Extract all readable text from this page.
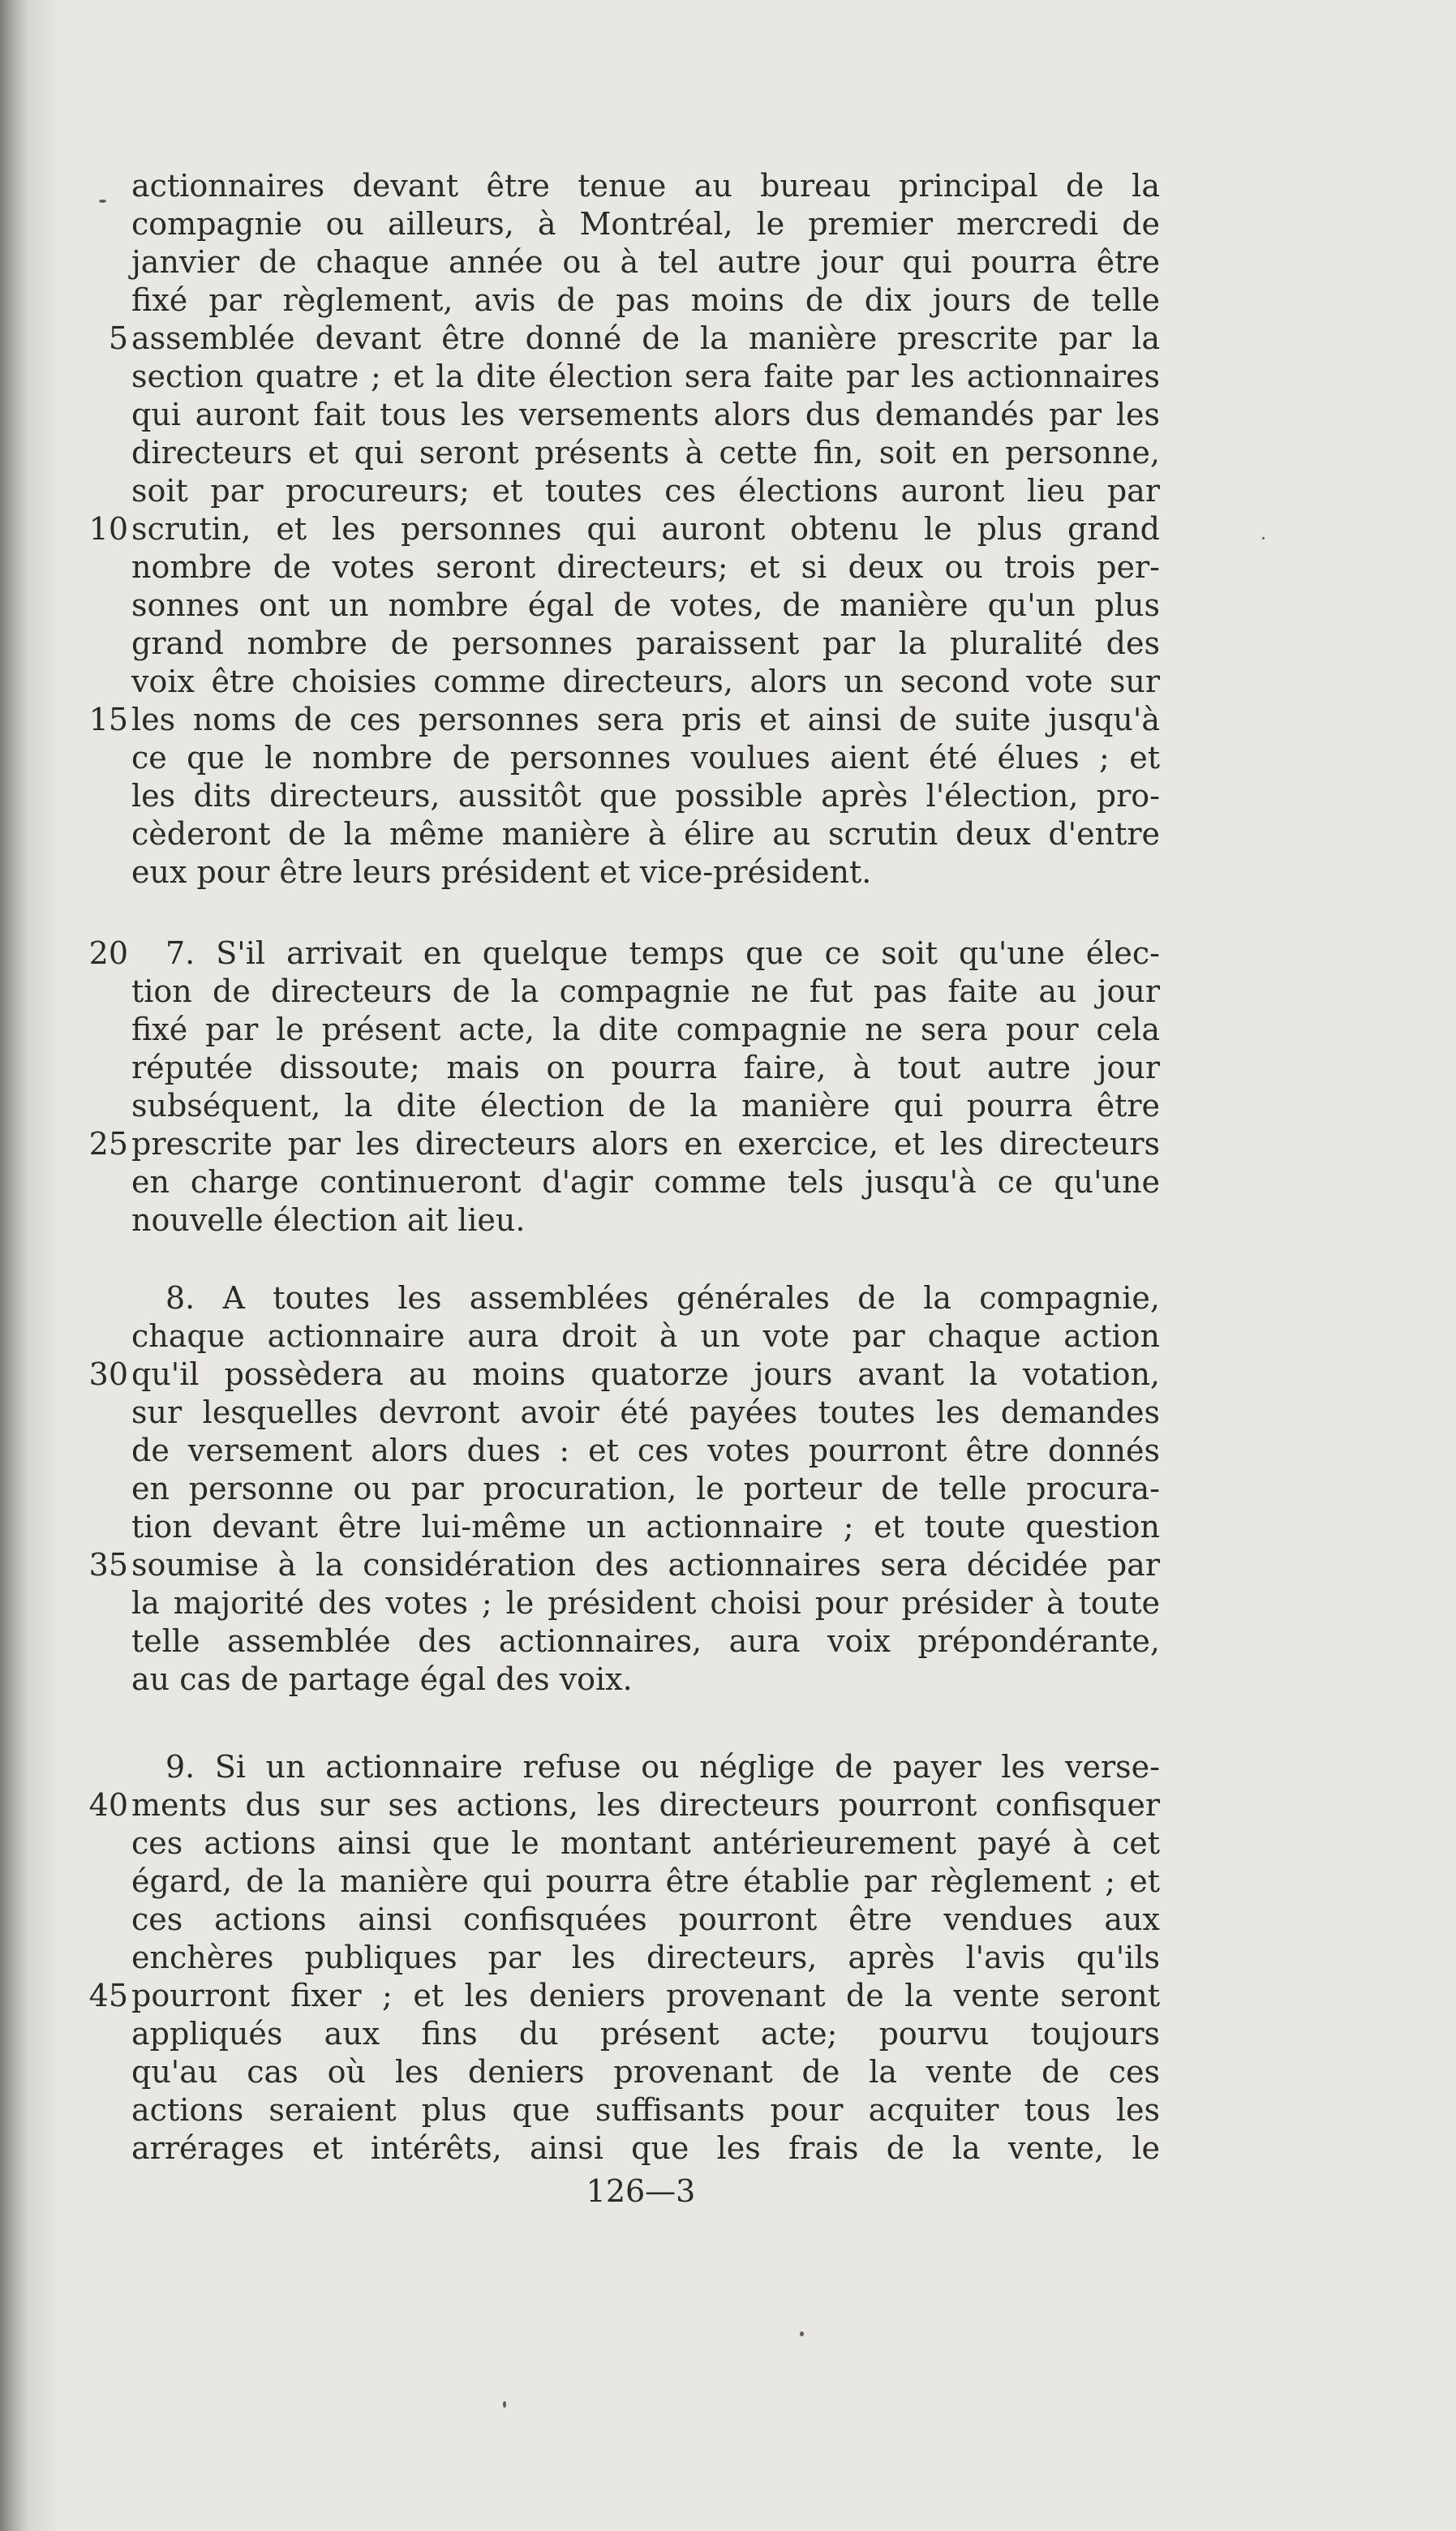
actionnaires devant être tenue au bureau principal de la
compagnie ou ailleurs, à Montréal, le premier mercredi de
janvier de chaque année ou à tel autre jour qui pourra être
fixé par règlement, avis de pas moins de dix jours de telle
assemblée devant être donné de la manière prescrite par la
section quatre ; et la dite élection sera faite par les actionnaires
qui auront fait tous les versements alors dus demandés par les
directeurs et qui seront présents à cette fin, soit en personne,
soit par procureurs; et toutes ces élections auront lieu par
scrutin, et les personnes qui auront obtenu le plus grand
nombre de votes seront directeurs; et si deux ou trois per-
sonnes ont un nombre égal de votes, de manière qu'un plus
grand nombre de personnes paraissent par la pluralité des
voix être choisies comme directeurs, alors un second vote sur
les noms de ces personnes sera pris et ainsi de suite jusqu'à
ce que le nombre de personnes voulues aient été élues ; et
les dits directeurs, aussitôt que possible après l'élection, pro-
cèderont de la même manière à élire au scrutin deux d'entre
eux pour être leurs président et vice-président.
7. S'il arrivait en quelque temps que ce soit qu'une élec-
tion de directeurs de la compagnie ne fut pas faite au jour
fixé par le présent acte, la dite compagnie ne sera pour cela
réputée dissoute; mais on pourra faire, à tout autre jour
subséquent, la dite élection de la manière qui pourra être
prescrite par les directeurs alors en exercice, et les directeurs
en charge continueront d'agir comme tels jusqu'à ce qu'une
nouvelle élection ait lieu.
8. A toutes les assemblées générales de la compagnie,
chaque actionnaire aura droit à un vote par chaque action
qu'il possèdera au moins quatorze jours avant la votation,
sur lesquelles devront avoir été payées toutes les demandes
de versement alors dues : et ces votes pourront être donnés
en personne ou par procuration, le porteur de telle procura-
tion devant être lui-même un actionnaire ; et toute question
soumise à la considération des actionnaires sera décidée par
la majorité des votes ; le président choisi pour présider à toute
telle assemblée des actionnaires, aura voix prépondérante,
au cas de partage égal des voix.
9. Si un actionnaire refuse ou néglige de payer les verse-
ments dus sur ses actions, les directeurs pourront confisquer
ces actions ainsi que le montant antérieurement payé à cet
égard, de la manière qui pourra être établie par règlement ; et
ces actions ainsi confisquées pourront être vendues aux
enchères publiques par les directeurs, après l'avis qu'ils
pourront fixer ; et les deniers provenant de la vente seront
appliqués aux fins du présent acte; pourvu toujours
qu'au cas où les deniers provenant de la vente de ces
actions seraient plus que suffisants pour acquiter tous les
arrérages et intérêts, ainsi que les frais de la vente, le
5
10
15
20
25
30
35
40
45
126—3
